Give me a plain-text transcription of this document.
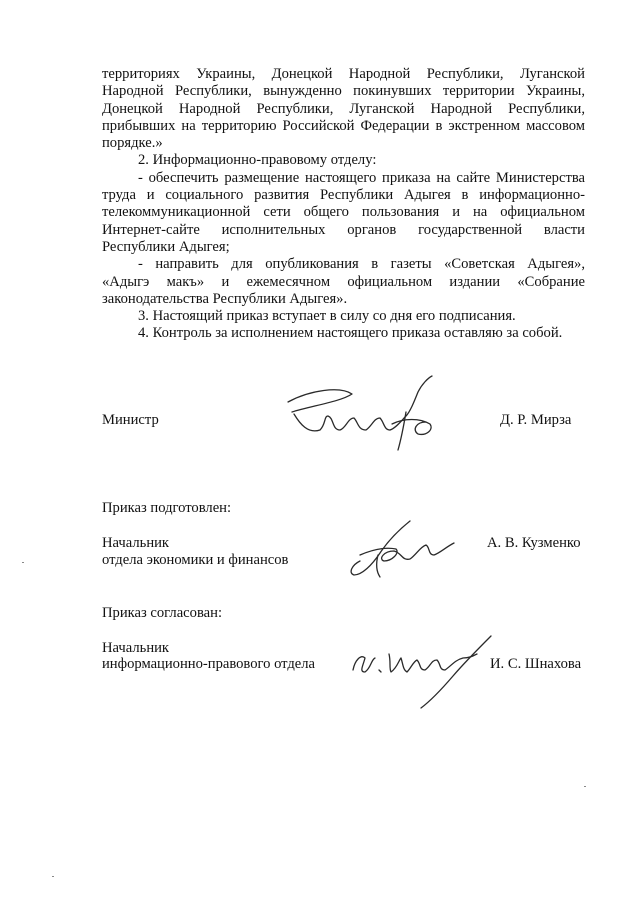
территориях Украины, Донецкой Народной Республики, Луганской
Народной Республики, вынужденно покинувших территории Украины,
Донецкой Народной Республики, Луганской Народной Республики,
прибывших на территорию Российской Федерации в экстренном массовом
порядке.»
2. Информационно-правовому отделу:
- обеспечить размещение настоящего приказа на сайте Министерства
труда и социального развития Республики Адыгея в информационно-
телекоммуникационной сети общего пользования и на официальном
Интернет-сайте исполнительных органов государственной власти
Республики Адыгея;
- направить для опубликования в газеты «Советская Адыгея»,
«Адыгэ макъ» и ежемесячном официальном издании «Собрание
законодательства Республики Адыгея».
3. Настоящий приказ вступает в силу со дня его подписания.
4. Контроль за исполнением настоящего приказа оставляю за собой.
Министр	Д. Р. Мирза
Приказ подготовлен:
Начальник
отдела экономики и финансов
А. В. Кузменко
Приказ согласован:
Начальник
информационно-правового отдела	И. С. Шнахова
